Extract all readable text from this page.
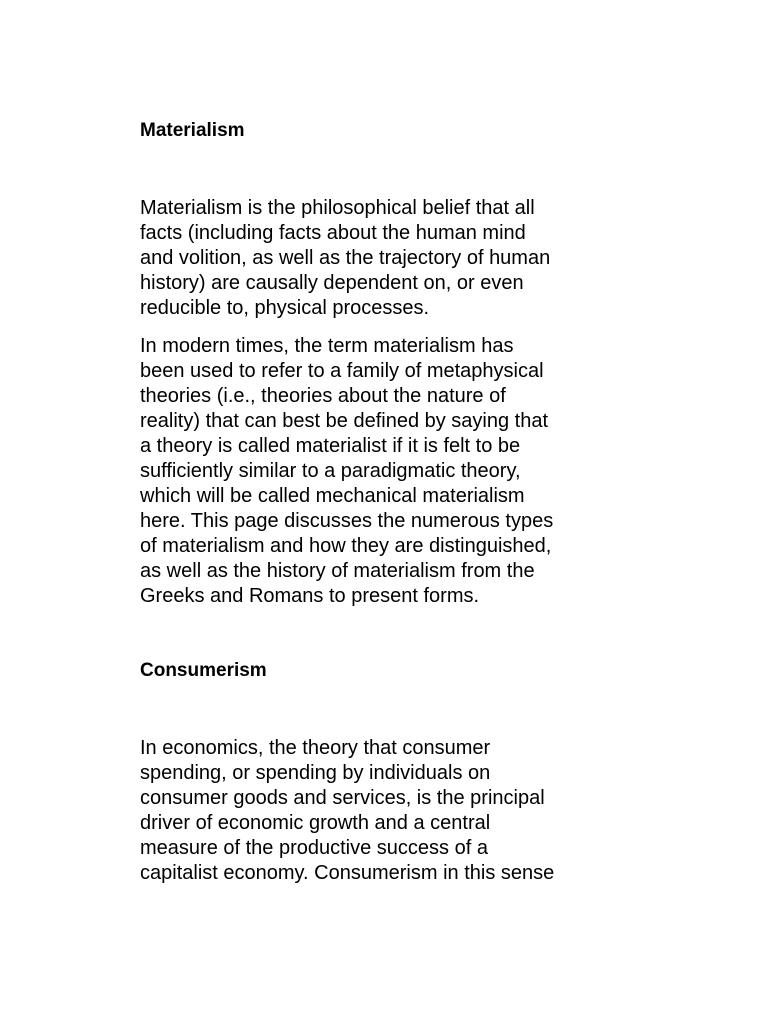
Materialism

Materialism is the philosophical belief that all
facts (including facts about the human mind
and volition, as well as the trajectory of human
history) are causally dependent on, or even
reducible to, physical processes.

In modern times, the term materialism has
been used to refer to a family of metaphysical
theories (i.e., theories about the nature of
reality) that can best be defined by saying that
a theory is called materialist if it is felt to be
sufficiently similar to a paradigmatic theory,
which will be called mechanical materialism
here. This page discusses the numerous types
of materialism and how they are distinguished,
as well as the history of materialism from the
Greeks and Romans to present forms.

Consumerism

In economics, the theory that consumer
spending, or spending by individuals on
consumer goods and services, is the principal
driver of economic growth and a central
measure of the productive success of a
capitalist economy. Consumerism in this sense
